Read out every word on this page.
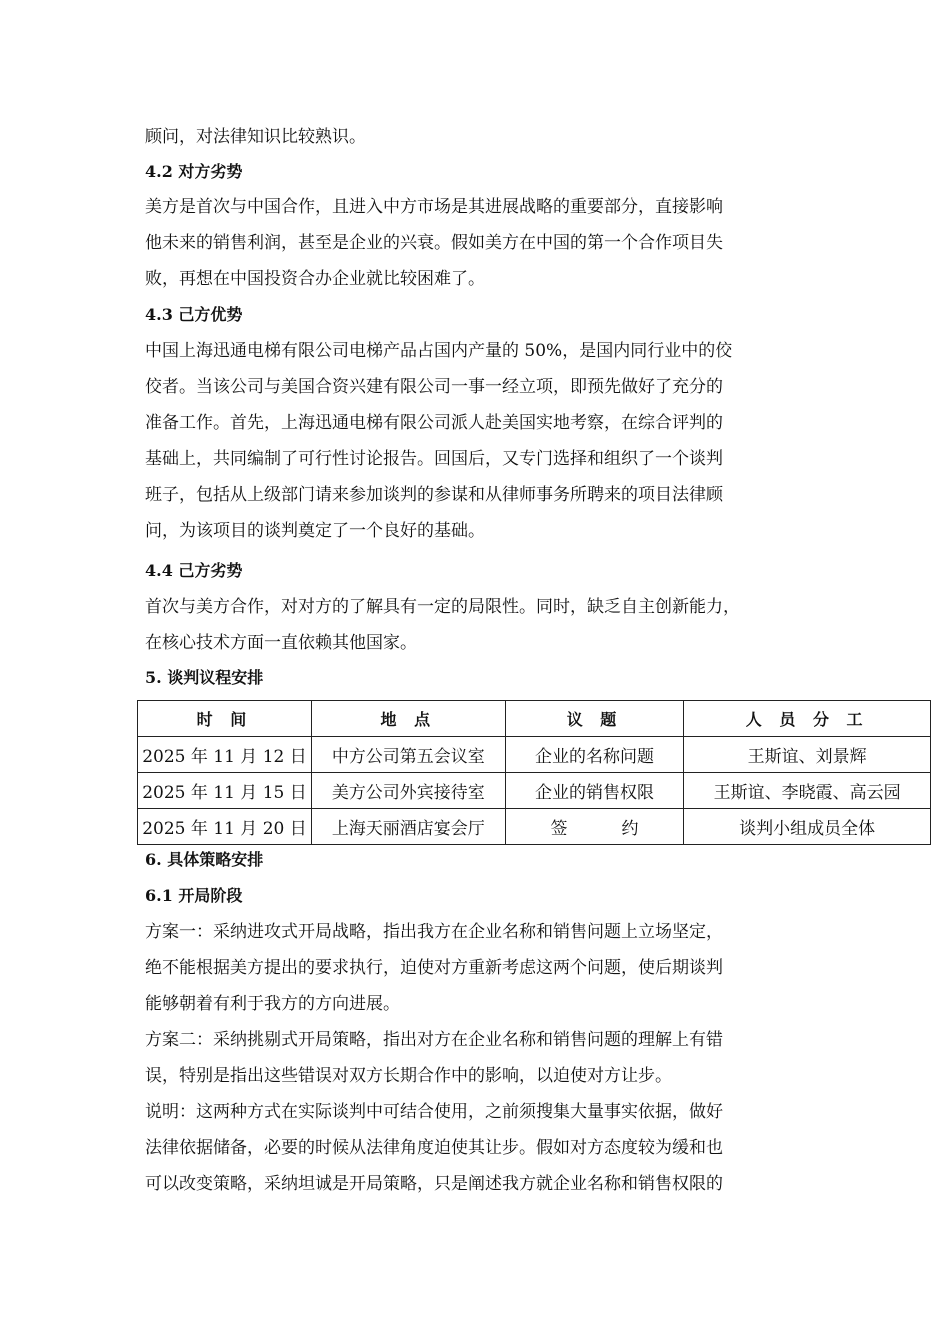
顾问，对法律知识比较熟识。
4.2 对方劣势
美方是首次与中国合作，且进入中方市场是其进展战略的重要部分，直接影响
他未来的销售利润，甚至是企业的兴衰。假如美方在中国的第一个合作项目失
败，再想在中国投资合办企业就比较困难了。
4.3 己方优势
中国上海迅通电梯有限公司电梯产品占国内产量的 50%，是国内同行业中的佼
佼者。当该公司与美国合资兴建有限公司一事一经立项，即预先做好了充分的
准备工作。首先，上海迅通电梯有限公司派人赴美国实地考察，在综合评判的
基础上，共同编制了可行性讨论报告。回国后，又专门选择和组织了一个谈判
班子，包括从上级部门请来参加谈判的参谋和从律师事务所聘来的项目法律顾
问，为该项目的谈判奠定了一个良好的基础。
4.4 己方劣势
首次与美方合作，对对方的了解具有一定的局限性。同时，缺乏自主创新能力，
在核心技术方面一直依赖其他国家。
5. 谈判议程安排
时 间	地 点	议 题	人 员 分 工
2025 年 11 月 12 日	中方公司第五会议室	企业的名称问题	王斯谊、刘景辉
2025 年 11 月 15 日	美方公司外宾接待室	企业的销售权限	王斯谊、李晓霞、高云园
2025 年 11 月 20 日	上海天丽酒店宴会厅	签          约	谈判小组成员全体
6. 具体策略安排
6.1 开局阶段
方案一：采纳进攻式开局战略，指出我方在企业名称和销售问题上立场坚定，
绝不能根据美方提出的要求执行，迫使对方重新考虑这两个问题，使后期谈判
能够朝着有利于我方的方向进展。
方案二：采纳挑剔式开局策略，指出对方在企业名称和销售问题的理解上有错
误，特别是指出这些错误对双方长期合作中的影响，以迫使对方让步。
说明：这两种方式在实际谈判中可结合使用，之前须搜集大量事实依据，做好
法律依据储备，必要的时候从法律角度迫使其让步。假如对方态度较为缓和也
可以改变策略，采纳坦诚是开局策略，只是阐述我方就企业名称和销售权限的
